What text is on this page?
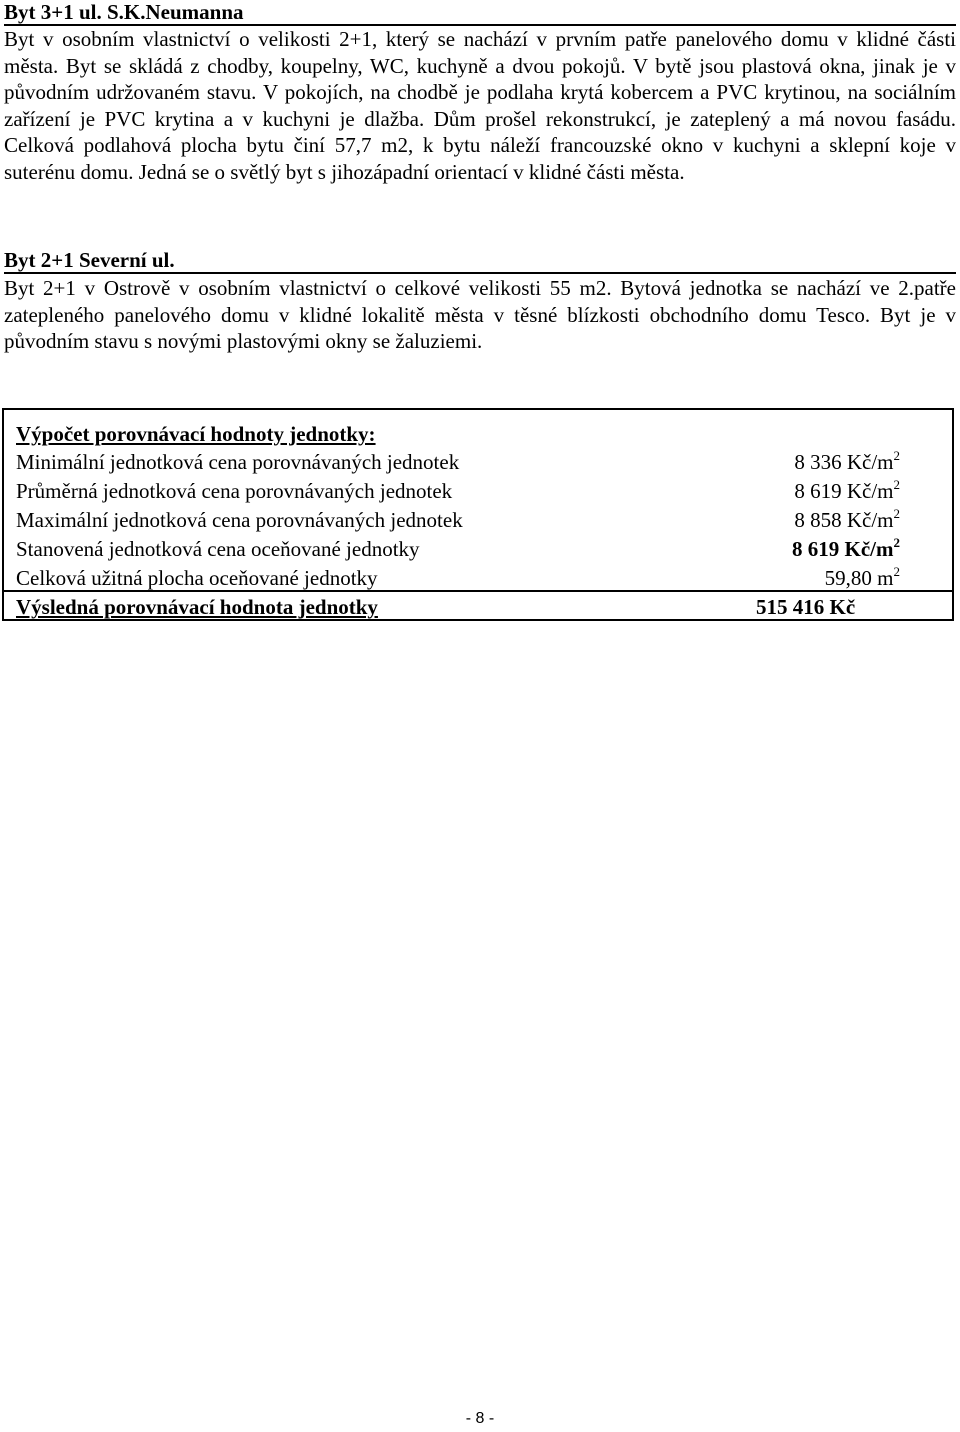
Byt 3+1 ul. S.K.Neumanna
Byt v osobním vlastnictví o velikosti 2+1, který se nachází v prvním patře panelového domu v klidné části města. Byt se skládá z chodby, koupelny, WC, kuchyně a dvou pokojů. V bytě jsou plastová okna, jinak je v původním udržovaném stavu. V pokojích, na chodbě je podlaha krytá kobercem a PVC krytinou, na sociálním zařízení je PVC krytina a v kuchyni je dlažba. Dům prošel rekonstrukcí, je zateplený a má novou fasádu. Celková podlahová plocha bytu činí 57,7 m2, k bytu náleží francouzské okno v kuchyni a sklepní koje v suterénu domu. Jedná se o světlý byt s jihozápadní orientací v klidné části města.
Byt 2+1 Severní ul.
Byt 2+1 v Ostrově v osobním vlastnictví o celkové velikosti 55 m2. Bytová jednotka se nachází ve 2.patře zatepleného panelového domu v klidné lokalitě města v těsné blízkosti obchodního domu Tesco. Byt je v původním stavu s novými plastovými okny se žaluziemi.
Výpočet porovnávací hodnoty jednotky:
Minimální jednotková cena porovnávaných jednotek	8 336 $Kč/m^2$
Průměrná jednotková cena porovnávaných jednotek	8 619 $Kč/m^2$
Maximální jednotková cena porovnávaných jednotek	8 858 $Kč/m^2$
Stanovená jednotková cena oceňované jednotky	8 619 $Kč/m^2$
Celková užitná plocha oceňované jednotky	59,80 $m^2$
Výsledná porovnávací hodnota jednotky	515 416 Kč
- 8 -
